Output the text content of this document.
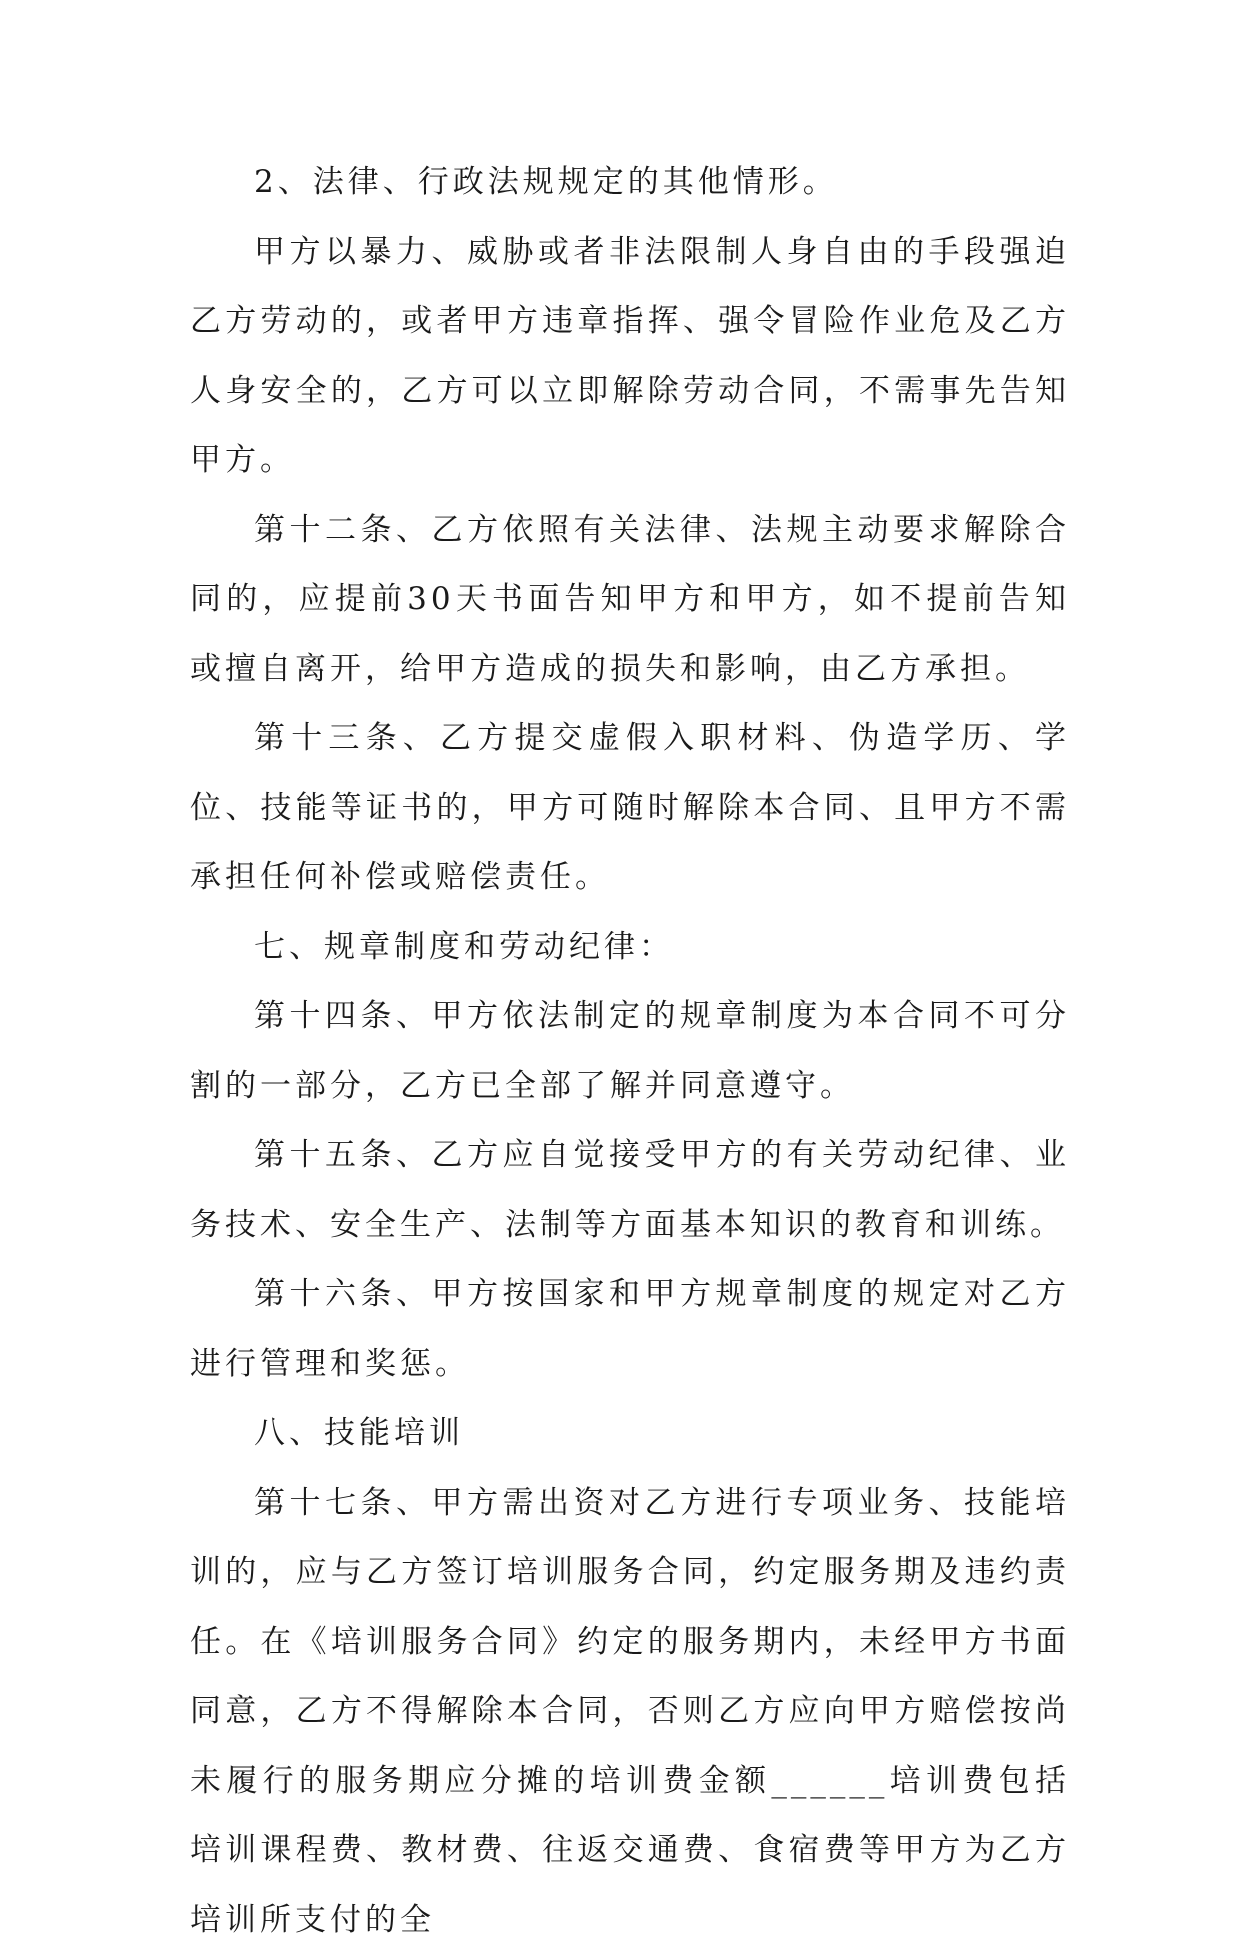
2、法律、行政法规规定的其他情形。

甲方以暴力、威胁或者非法限制人身自由的手段强迫乙方劳动的，或者甲方违章指挥、强令冒险作业危及乙方人身安全的，乙方可以立即解除劳动合同，不需事先告知甲方。

第十二条、乙方依照有关法律、法规主动要求解除合同的，应提前30天书面告知甲方和甲方，如不提前告知或擅自离开，给甲方造成的损失和影响，由乙方承担。

第十三条、乙方提交虚假入职材料、伪造学历、学位、技能等证书的，甲方可随时解除本合同、且甲方不需承担任何补偿或赔偿责任。

七、规章制度和劳动纪律：

第十四条、甲方依法制定的规章制度为本合同不可分割的一部分，乙方已全部了解并同意遵守。

第十五条、乙方应自觉接受甲方的有关劳动纪律、业务技术、安全生产、法制等方面基本知识的教育和训练。

第十六条、甲方按国家和甲方规章制度的规定对乙方进行管理和奖惩。

八、技能培训

第十七条、甲方需出资对乙方进行专项业务、技能培训的，应与乙方签订培训服务合同，约定服务期及违约责任。在《培训服务合同》约定的服务期内，未经甲方书面同意，乙方不得解除本合同，否则乙方应向甲方赔偿按尚未履行的服务期应分摊的培训费金额______培训费包括培训课程费、教材费、往返交通费、食宿费等甲方为乙方培训所支付的全
